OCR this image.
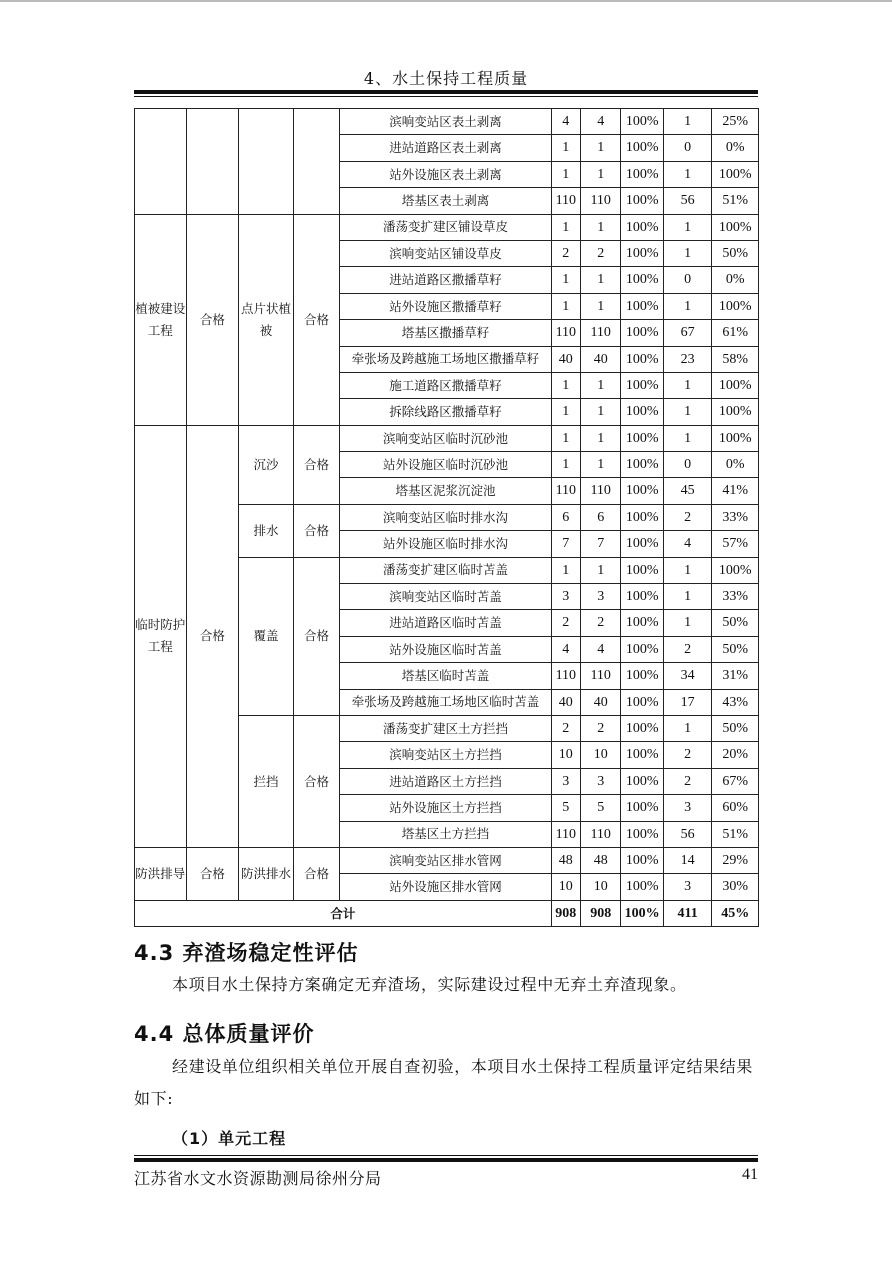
4、水土保持工程质量
				滨响变站区表土剥离	4	4	100%	1	25%
				进站道路区表土剥离	1	1	100%	0	0%
				站外设施区表土剥离	1	1	100%	1	100%
				塔基区表土剥离	110	110	100%	56	51%
植被建设工程	合格	点片状植被	合格	潘荡变扩建区铺设草皮	1	1	100%	1	100%
				滨响变站区铺设草皮	2	2	100%	1	50%
				进站道路区撒播草籽	1	1	100%	0	0%
				站外设施区撒播草籽	1	1	100%	1	100%
				塔基区撒播草籽	110	110	100%	67	61%
				牵张场及跨越施工场地区撒播草籽	40	40	100%	23	58%
				施工道路区撒播草籽	1	1	100%	1	100%
				拆除线路区撒播草籽	1	1	100%	1	100%
临时防护工程	合格	沉沙	合格	滨响变站区临时沉砂池	1	1	100%	1	100%
				站外设施区临时沉砂池	1	1	100%	0	0%
				塔基区泥浆沉淀池	110	110	100%	45	41%
		排水	合格	滨响变站区临时排水沟	6	6	100%	2	33%
				站外设施区临时排水沟	7	7	100%	4	57%
		覆盖	合格	潘荡变扩建区临时苫盖	1	1	100%	1	100%
				滨响变站区临时苫盖	3	3	100%	1	33%
				进站道路区临时苫盖	2	2	100%	1	50%
				站外设施区临时苫盖	4	4	100%	2	50%
				塔基区临时苫盖	110	110	100%	34	31%
				牵张场及跨越施工场地区临时苫盖	40	40	100%	17	43%
		拦挡	合格	潘荡变扩建区土方拦挡	2	2	100%	1	50%
				滨响变站区土方拦挡	10	10	100%	2	20%
				进站道路区土方拦挡	3	3	100%	2	67%
				站外设施区土方拦挡	5	5	100%	3	60%
				塔基区土方拦挡	110	110	100%	56	51%
防洪排导	合格	防洪排水	合格	滨响变站区排水管网	48	48	100%	14	29%
				站外设施区排水管网	10	10	100%	3	30%
合计					908	908	100%	411	45%
4.3 弃渣场稳定性评估
本项目水土保持方案确定无弃渣场，实际建设过程中无弃土弃渣现象。
4.4 总体质量评价
经建设单位组织相关单位开展自查初验，本项目水土保持工程质量评定结果结果如下:
（1）单元工程
江苏省水文水资源勘测局徐州分局	41
